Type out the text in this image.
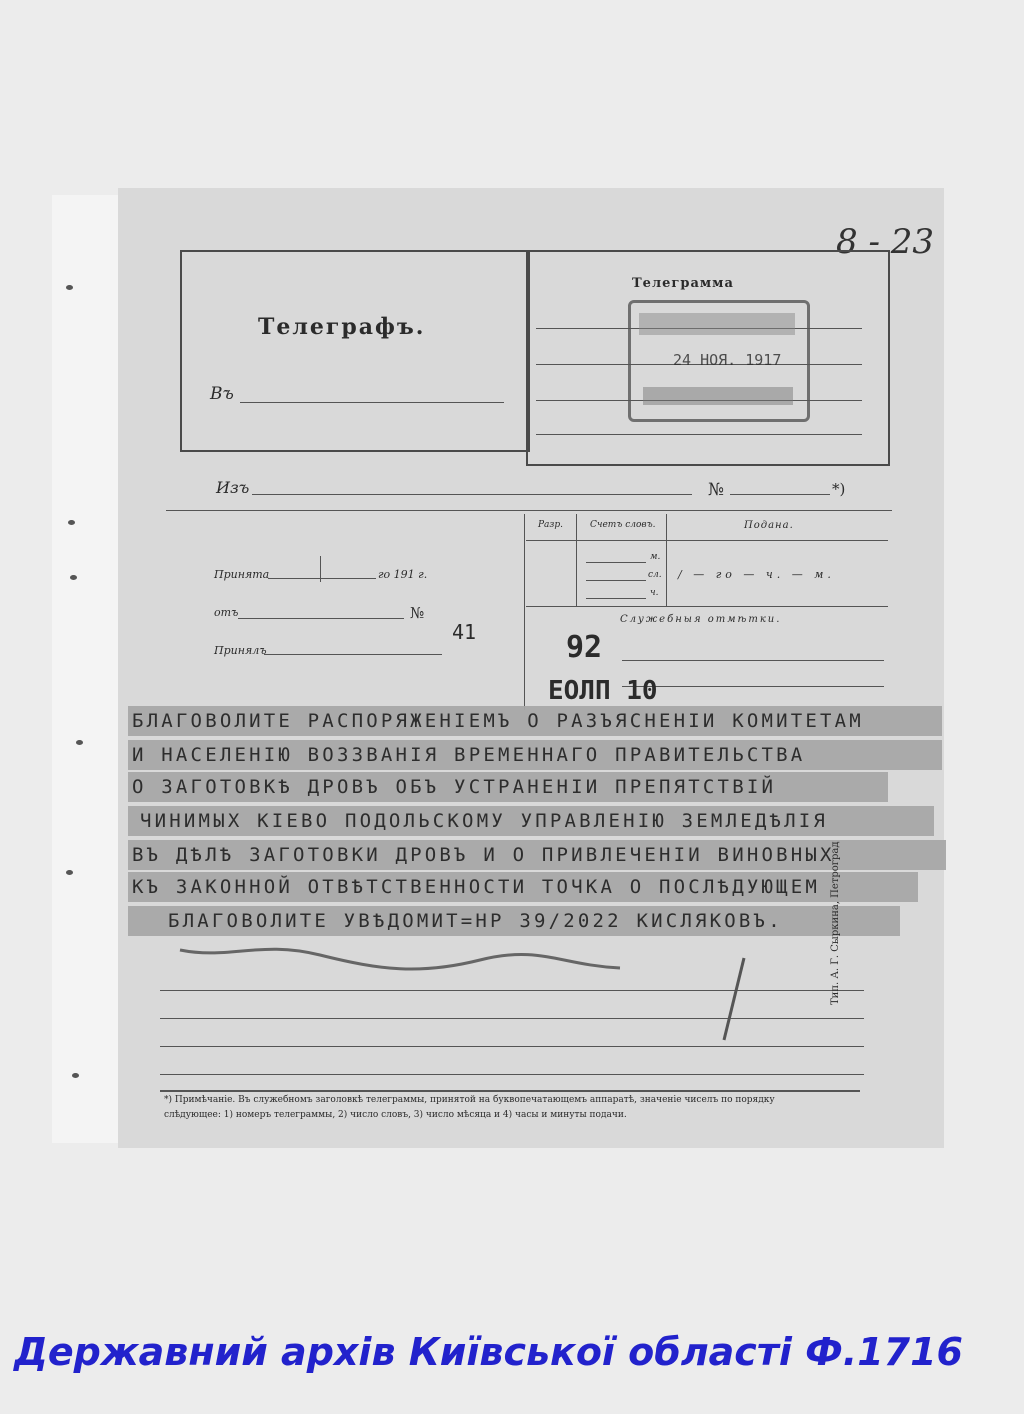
8 - 23
Телеграфъ.
Въ
Телеграмма
24 НОЯ. 1917
Изъ	№	*)
Принята	го 191 г.
отъ	№
41
Принялъ
Разр.	Счетъ словъ.	Подана.
м.
сл.
ч.
/ — го — ч. — м.
Служебныя отмѣтки.
92
ЕОЛП 10
БЛАГОВОЛИТЕ РАСПОРЯЖЕНІЕМЪ О РАЗЪЯСНЕНІИ КОМИТЕТАМ
И НАСЕЛЕНІЮ ВОЗЗВАНІЯ ВРЕМЕННАГО ПРАВИТЕЛЬСТВА
О ЗАГОТОВКѢ ДРОВЪ ОБЪ УСТРАНЕНІИ ПРЕПЯТСТВІЙ
ЧИНИМЫХ КІЕВО ПОДОЛЬСКОМУ УПРАВЛЕНІЮ ЗЕМЛЕДѢЛІЯ
ВЪ ДѢЛѢ ЗАГОТОВКИ ДРОВЪ И О ПРИВЛЕЧЕНІИ ВИНОВНЫХ
КЪ ЗАКОННОЙ ОТВѢТСТВЕННОСТИ ТОЧКА О ПОСЛѢДУЮЩЕМ
БЛАГОВОЛИТЕ УВѢДОМИТ=НР 39/2022 КИСЛЯКОВЪ.	Тип. А. Г. Сыркина, Петроград
*) Примѣчаніе. Въ служебномъ заголовкѣ телеграммы, принятой на буквопечатающемъ аппаратѣ, значеніе чиселъ по порядку
слѣдующее: 1) номеръ телеграммы, 2) число словъ, 3) число мѣсяца и 4) часы и минуты подачи.
Державний архів Київської області Ф.1716
